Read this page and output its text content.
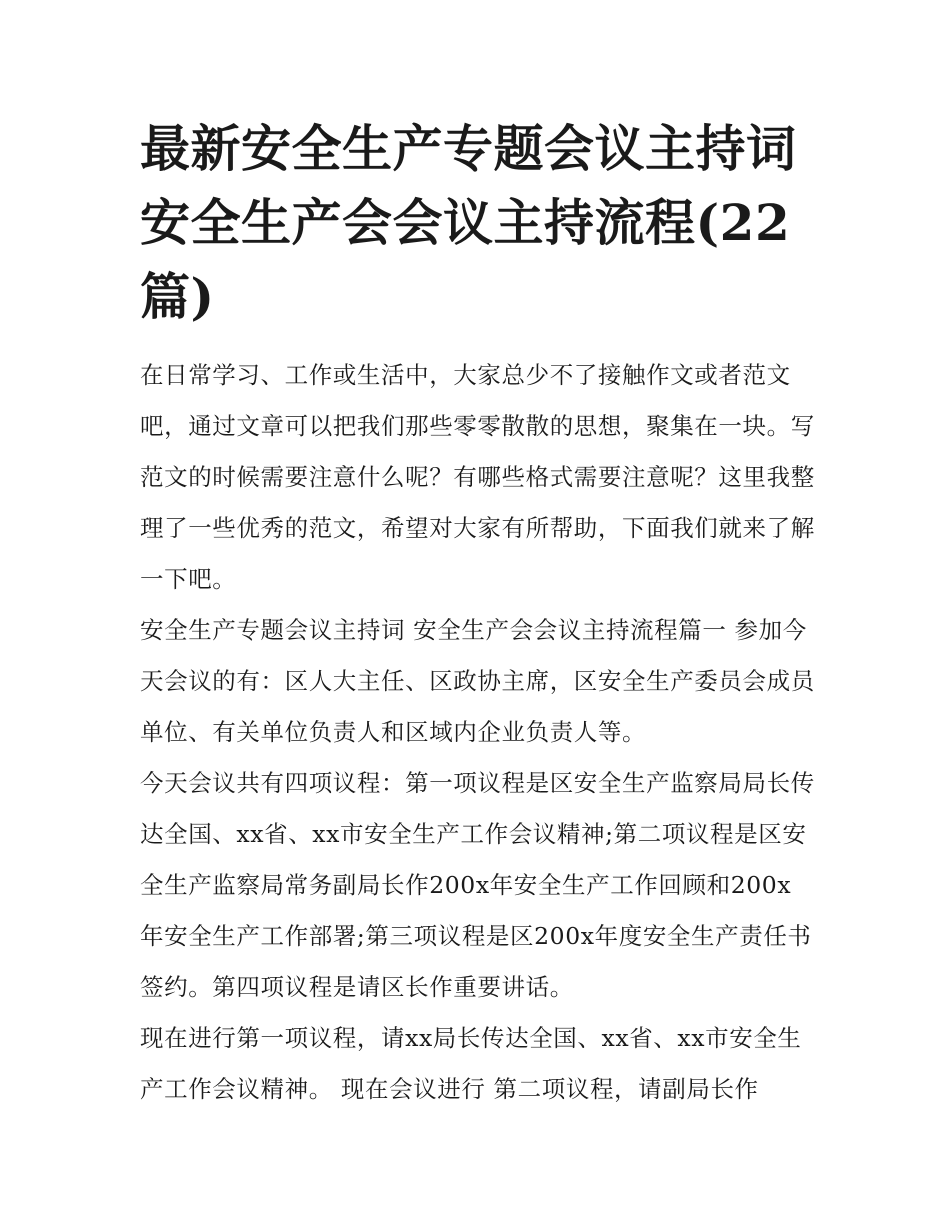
最新安全生产专题会议主持词 安全生产会会议主持流程(22篇)

在日常学习、工作或生活中，大家总少不了接触作文或者范文吧，通过文章可以把我们那些零零散散的思想，聚集在一块。写范文的时候需要注意什么呢？有哪些格式需要注意呢？这里我整理了一些优秀的范文，希望对大家有所帮助，下面我们就来了解一下吧。

安全生产专题会议主持词 安全生产会会议主持流程篇一 参加今天会议的有：区人大主任、区政协主席，区安全生产委员会成员单位、有关单位负责人和区域内企业负责人等。

今天会议共有四项议程：第一项议程是区安全生产监察局局长传达全国、xx省、xx市安全生产工作会议精神;第二项议程是区安全生产监察局常务副局长作200x年安全生产工作回顾和200x年安全生产工作部署;第三项议程是区200x年度安全生产责任书签约。第四项议程是请区长作重要讲话。

现在进行第一项议程，请xx局长传达全国、xx省、xx市安全生产工作会议精神。 现在会议进行 第二项议程，请副局长作
